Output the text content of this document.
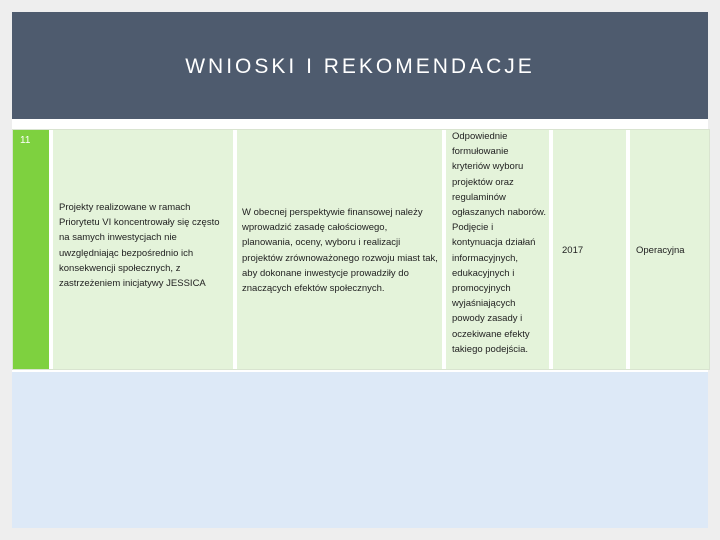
WNIOSKI I REKOMENDACJE
11
Projekty realizowane w ramach Priorytetu VI koncentrowały się często na samych inwestycjach nie uwzględniając bezpośrednio ich konsekwencji społecznych, z zastrzeżeniem inicjatywy JESSICA
W obecnej perspektywie finansowej należy wprowadzić zasadę całościowego, planowania, oceny, wyboru i realizacji projektów zrównoważonego rozwoju miast tak, aby dokonane inwestycje prowadziły do znaczących efektów społecznych.
Odpowiednie formułowanie kryteriów wyboru projektów oraz regulaminów ogłaszanych naborów. Podjęcie i kontynuacja działań informacyjnych, edukacyjnych i promocyjnych wyjaśniających powody zasady i oczekiwane efekty takiego podejścia.
2017	Operacyjna
